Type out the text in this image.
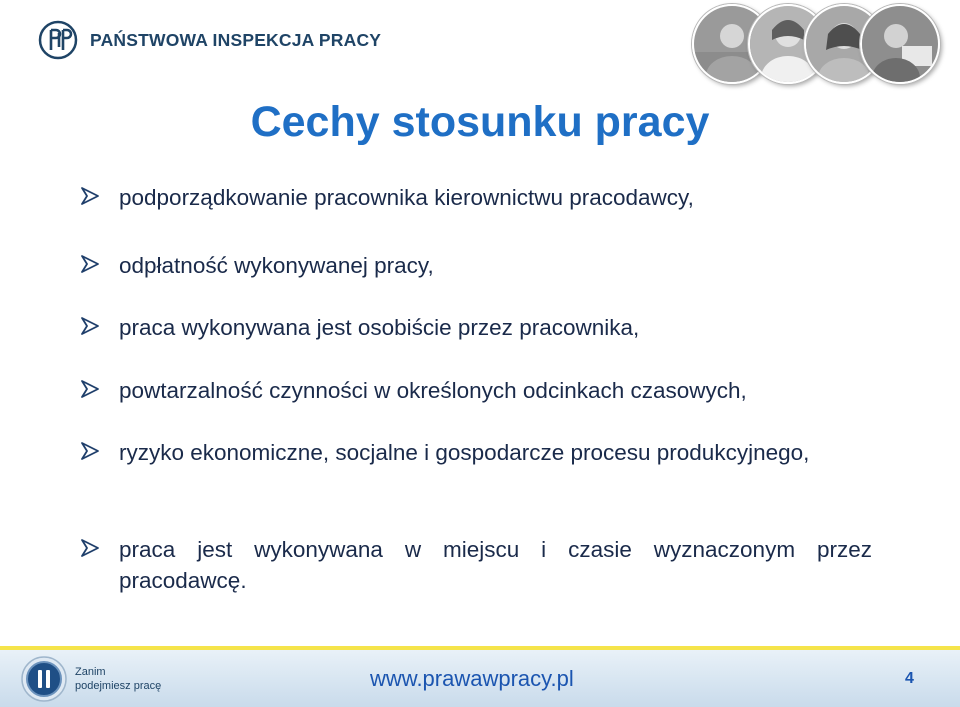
PAŃSTWOWA INSPEKCJA PRACY
Cechy stosunku pracy
podporządkowanie pracownika kierownictwu pracodawcy,
odpłatność wykonywanej pracy,
praca wykonywana jest osobiście przez pracownika,
powtarzalność czynności w określonych odcinkach czasowych,
ryzyko ekonomiczne, socjalne i gospodarcze procesu produkcyjnego,
praca jest wykonywana w miejscu i czasie wyznaczonym przez pracodawcę.
Zanim
podejmiesz pracę	www.prawawpracy.pl	4
